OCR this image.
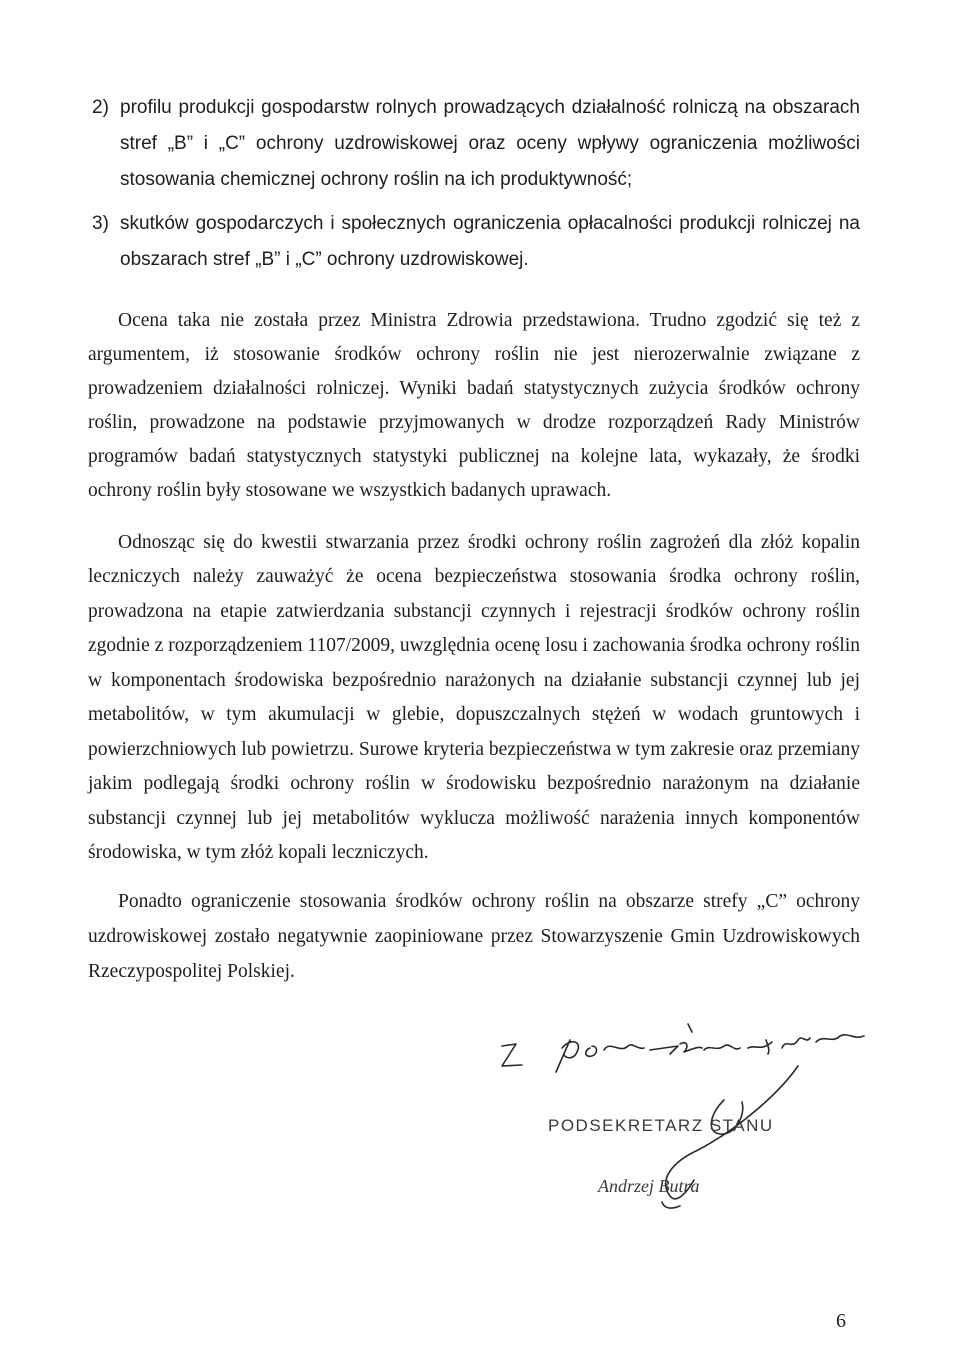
2) profilu produkcji gospodarstw rolnych prowadzących działalność rolniczą na obszarach stref „B” i „C” ochrony uzdrowiskowej oraz oceny wpływy ograniczenia możliwości stosowania chemicznej ochrony roślin na ich produktywność;
3) skutków gospodarczych i społecznych ograniczenia opłacalności produkcji rolniczej na obszarach stref „B” i „C” ochrony uzdrowiskowej.

Ocena taka nie została przez Ministra Zdrowia przedstawiona. Trudno zgodzić się też z argumentem, iż stosowanie środków ochrony roślin nie jest nierozerwalnie związane z prowadzeniem działalności rolniczej. Wyniki badań statystycznych zużycia środków ochrony roślin, prowadzone na podstawie przyjmowanych w drodze rozporządzeń Rady Ministrów programów badań statystycznych statystyki publicznej na kolejne lata, wykazały, że środki ochrony roślin były stosowane we wszystkich badanych uprawach.

Odnosząc się do kwestii stwarzania przez środki ochrony roślin zagrożeń dla złóż kopalin leczniczych należy zauważyć że ocena bezpieczeństwa stosowania środka ochrony roślin, prowadzona na etapie zatwierdzania substancji czynnych i rejestracji środków ochrony roślin zgodnie z rozporządzeniem 1107/2009, uwzględnia ocenę losu i zachowania środka ochrony roślin w komponentach środowiska bezpośrednio narażonych na działanie substancji czynnej lub jej metabolitów, w tym akumulacji w glebie, dopuszczalnych stężeń w wodach gruntowych i powierzchniowych lub powietrzu. Surowe kryteria bezpieczeństwa w tym zakresie oraz przemiany jakim podlegają środki ochrony roślin w środowisku bezpośrednio narażonym na działanie substancji czynnej lub jej metabolitów wyklucza możliwość narażenia innych komponentów środowiska, w tym złóż kopali leczniczych.

Ponadto ograniczenie stosowania środków ochrony roślin na obszarze strefy „C” ochrony uzdrowiskowej zostało negatywnie zaopiniowane przez Stowarzyszenie Gmin Uzdrowiskowych Rzeczypospolitej Polskiej.

PODSEKRETARZ STANU
Andrzej Butra
6
